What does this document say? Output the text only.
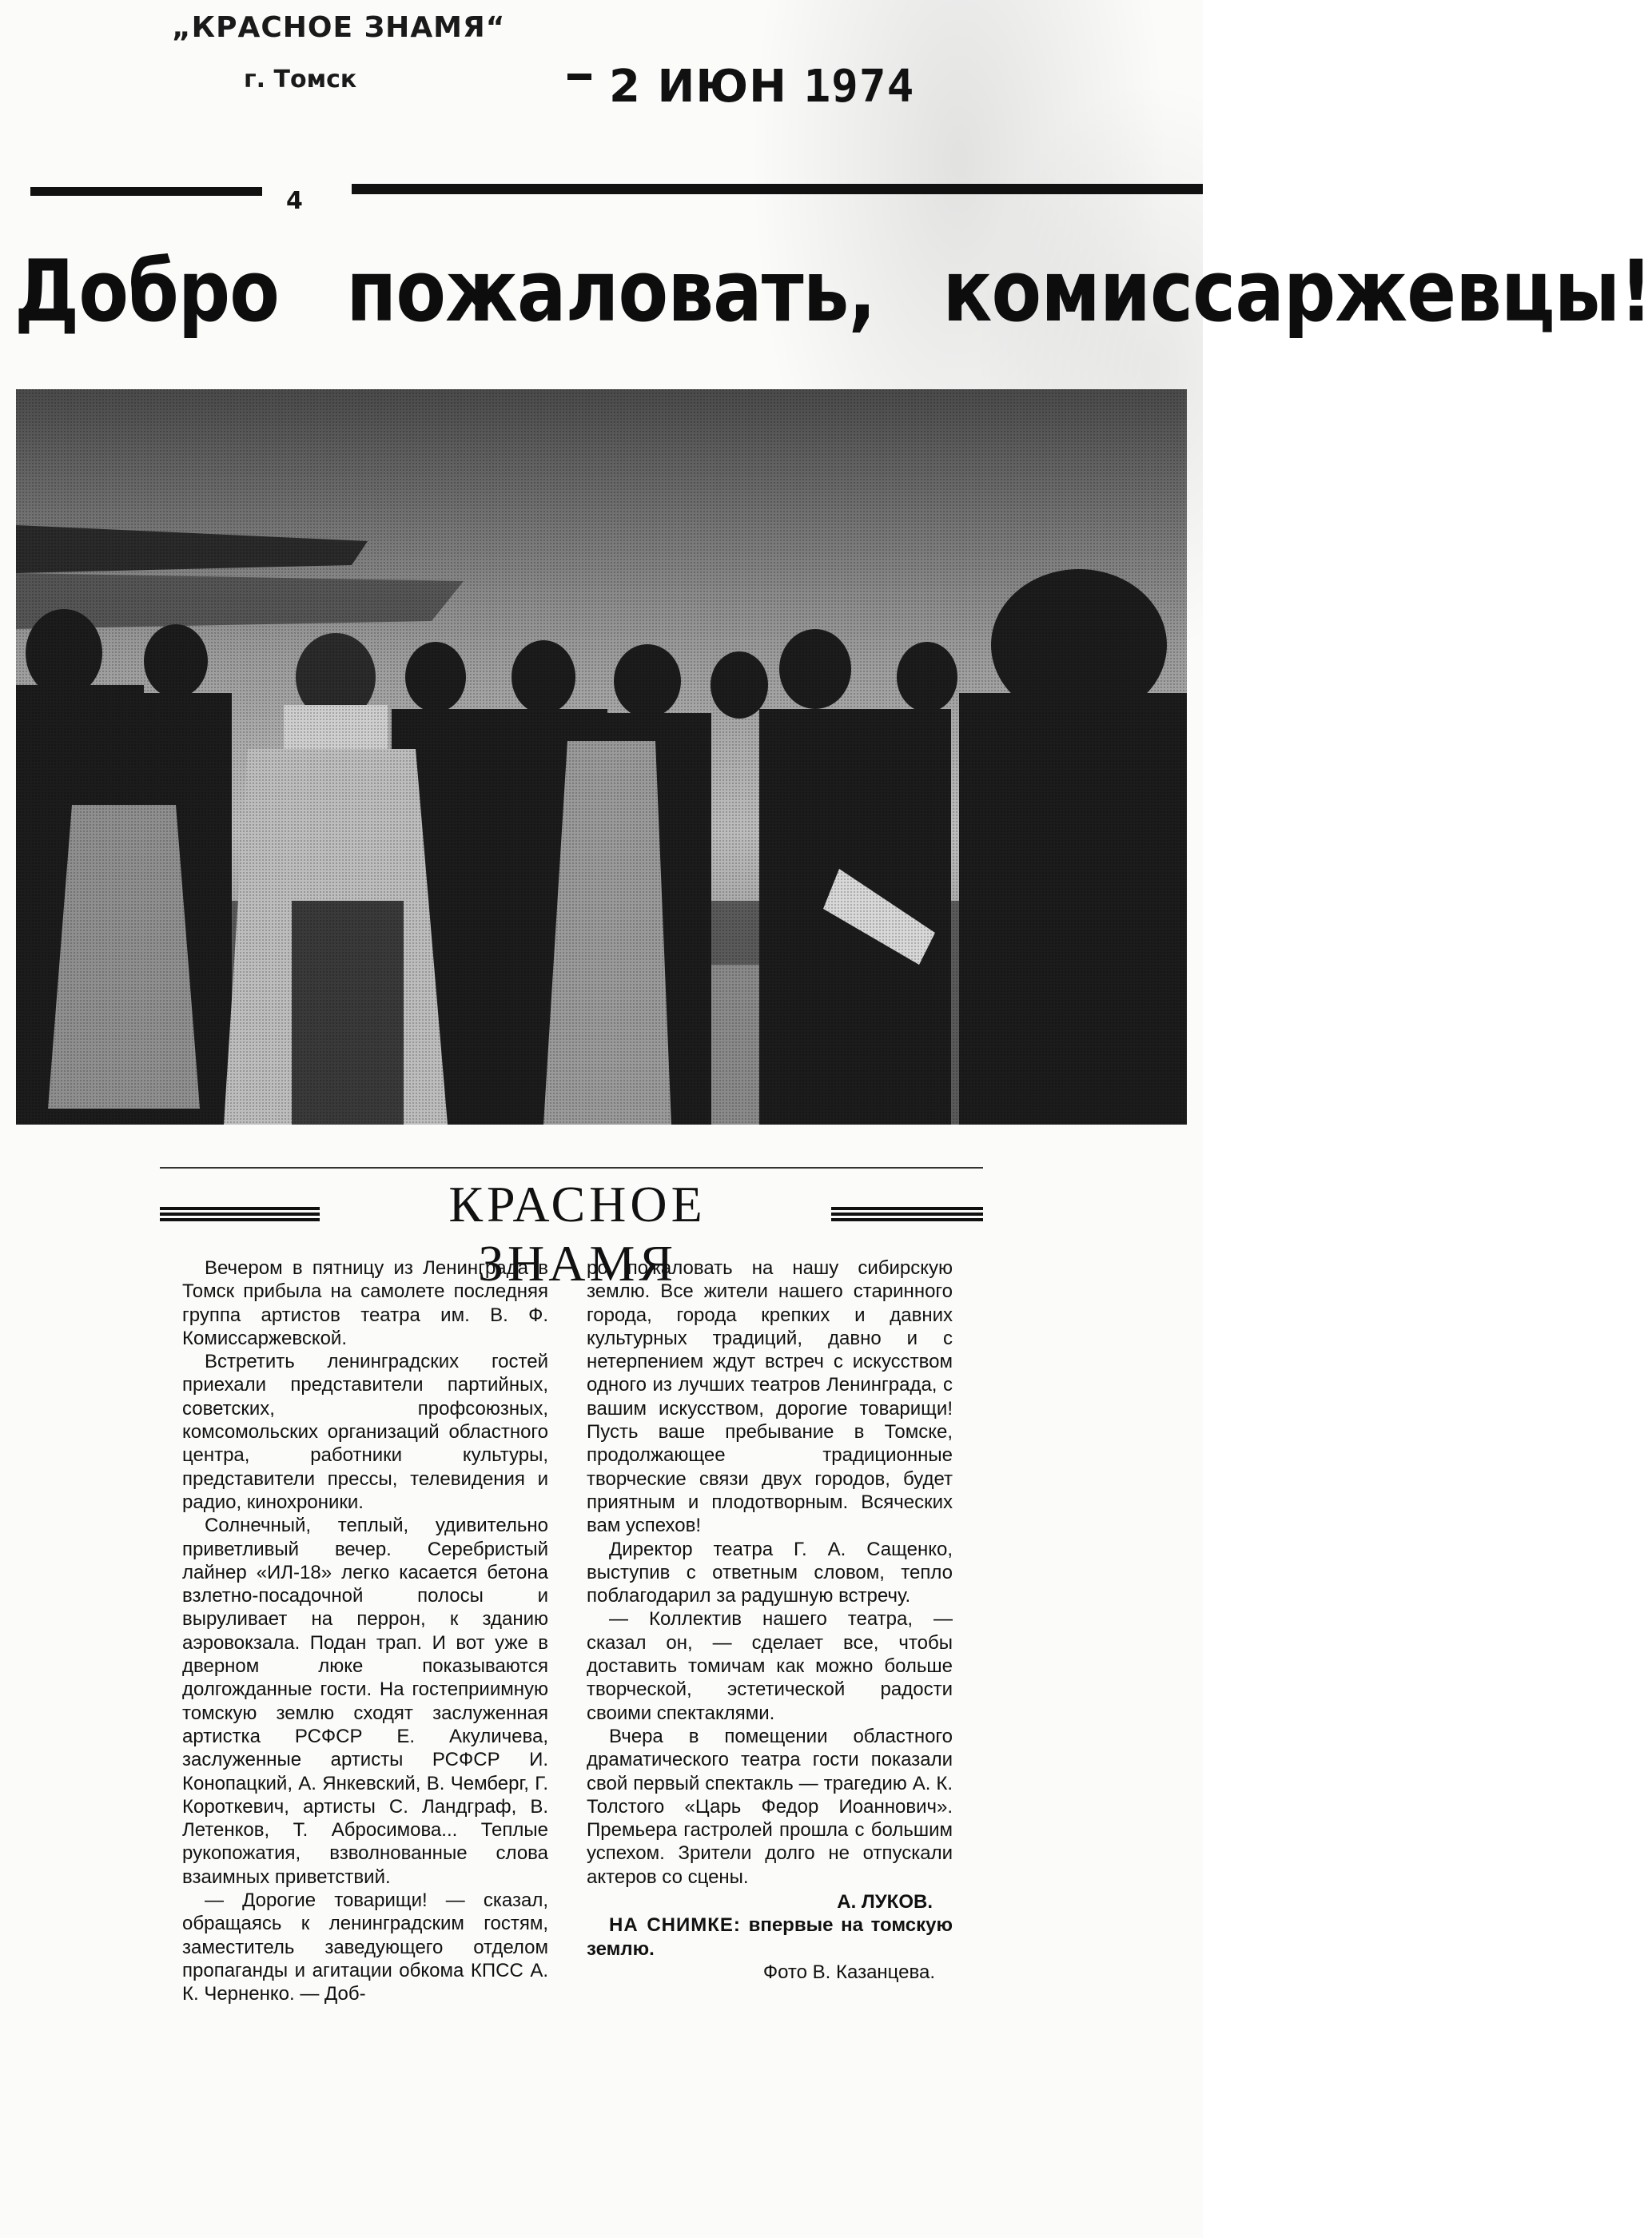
„КРАСНОЕ ЗНАМЯ“
г. Томск	2 ИЮН 1974
4
Добро пожаловать, комиссаржевцы!
КРАСНОЕ ЗНАМЯ

Вечером в пятницу из Ленинграда в Томск прибыла на самолете последняя группа артистов театра им. В. Ф. Комиссаржевской.

Встретить ленинградских гостей приехали представители партийных, советских, профсоюзных, комсомольских организаций областного центра, работники культуры, представители прессы, телевидения и радио, кинохроники.

Солнечный, теплый, удивительно приветливый вечер. Серебристый лайнер «ИЛ-18» легко касается бетона взлетно-посадочной полосы и выруливает на перрон, к зданию аэровокзала. Подан трап. И вот уже в дверном люке показываются долгожданные гости. На гостеприимную томскую землю сходят заслуженная артистка РСФСР Е. Акуличева, заслуженные артисты РСФСР И. Конопацкий, А. Янкевский, В. Чемберг, Г. Короткевич, артисты С. Ландграф, В. Летенков, Т. Абросимова... Теплые рукопожатия, взволнованные слова взаимных приветствий.

— Дорогие товарищи! — сказал, обращаясь к ленинградским гостям, заместитель заведующего отделом пропаганды и агитации обкома КПСС А. К. Черненко. — Доб-

ро пожаловать на нашу сибирскую землю. Все жители нашего старинного города, города крепких и давних культурных традиций, давно и с нетерпением ждут встреч с искусством одного из лучших театров Ленинграда, с вашим искусством, дорогие товарищи! Пусть ваше пребывание в Томске, продолжающее традиционные творческие связи двух городов, будет приятным и плодотворным. Всяческих вам успехов!

Директор театра Г. А. Сащенко, выступив с ответным словом, тепло поблагодарил за радушную встречу.

— Коллектив нашего театра, — сказал он, — сделает все, чтобы доставить томичам как можно больше творческой, эстетической радости своими спектаклями.

Вчера в помещении областного драматического театра гости показали свой первый спектакль — трагедию А. К. Толстого «Царь Федор Иоаннович». Премьера гастролей прошла с большим успехом. Зрители долго не отпускали актеров со сцены.

А. ЛУКОВ.

НА СНИМКЕ: впервые на томскую землю.

Фото В. Казанцева.
